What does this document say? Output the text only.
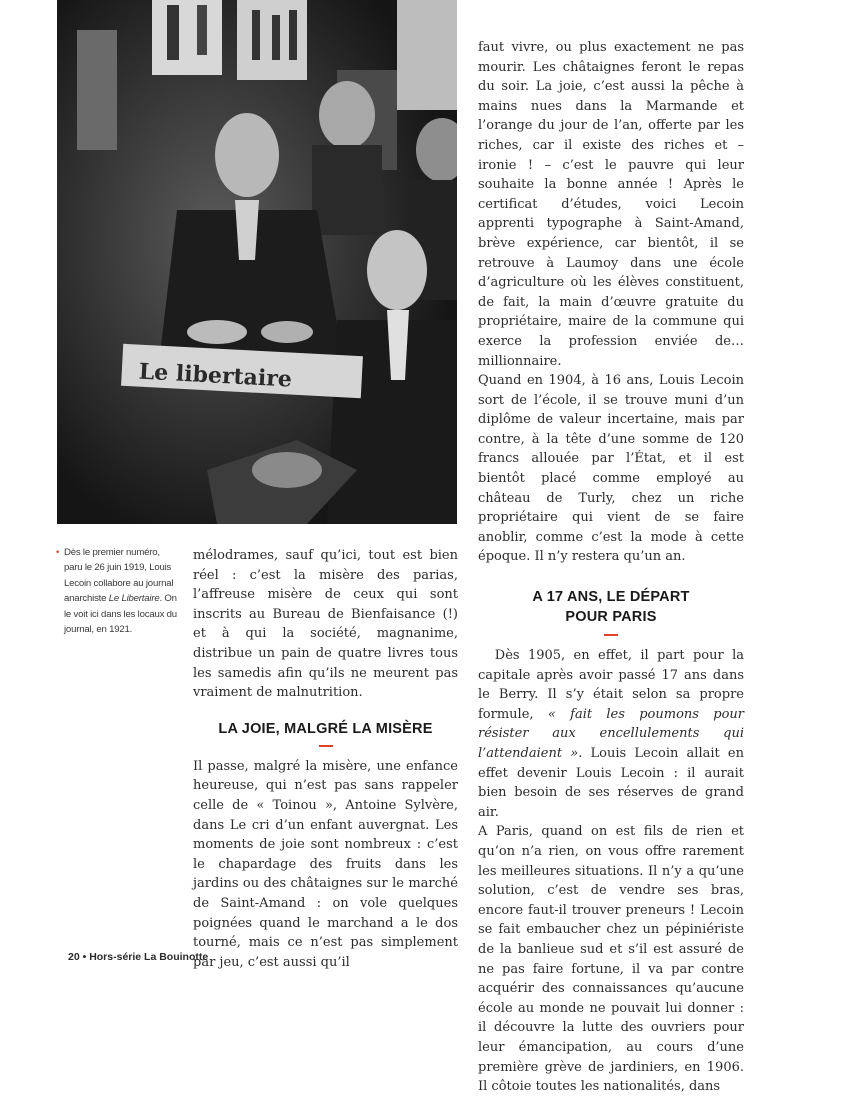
Le libertaire
• Dès le premier numéro, paru le 26 juin 1919, Louis Lecoin collabore au journal anarchiste Le Libertaire. On le voit ici dans les locaux du journal, en 1921.

mélodrames, sauf qu’ici, tout est bien réel : c’est la misère des parias, l’affreuse misère de ceux qui sont inscrits au Bureau de Bienfaisance (!) et à qui la société, magnanime, distribue un pain de quatre livres tous les samedis afin qu’ils ne meurent pas vraiment de malnutrition.

LA JOIE, MALGRÉ LA MISÈRE

Il passe, malgré la misère, une enfance heureuse, qui n’est pas sans rappeler celle de « Toinou », Antoine Sylvère, dans Le cri d’un enfant auvergnat. Les moments de joie sont nombreux : c’est le chapardage des fruits dans les jardins ou des châtaignes sur le marché de Saint-Amand : on vole quelques poignées quand le marchand a le dos tourné, mais ce n’est pas simplement par jeu, c’est aussi qu’il

faut vivre, ou plus exactement ne pas mourir. Les châtaignes feront le repas du soir. La joie, c’est aussi la pêche à mains nues dans la Marmande et l’orange du jour de l’an, offerte par les riches, car il existe des riches et – ironie ! – c’est le pauvre qui leur souhaite la bonne année ! Après le certificat d’études, voici Lecoin apprenti typographe à Saint-Amand, brève expérience, car bientôt, il se retrouve à Laumoy dans une école d’agriculture où les élèves constituent, de fait, la main d’œuvre gratuite du propriétaire, maire de la commune qui exerce la profession enviée de… millionnaire.

Quand en 1904, à 16 ans, Louis Lecoin sort de l’école, il se trouve muni d’un diplôme de valeur incertaine, mais par contre, à la tête d’une somme de 120 francs allouée par l’État, et il est bientôt placé comme employé au château de Turly, chez un riche propriétaire qui vient de se faire anoblir, comme c’est la mode à cette époque. Il n’y restera qu’un an.

A 17 ANS, LE DÉPART
POUR PARIS

Dès 1905, en effet, il part pour la capitale après avoir passé 17 ans dans le Berry. Il s’y était selon sa propre formule, « fait les poumons pour résister aux encellulements qui l’attendaient ». Louis Lecoin allait en effet devenir Louis Lecoin : il aurait bien besoin de ses réserves de grand air.

A Paris, quand on est fils de rien et qu’on n’a rien, on vous offre rarement les meilleures situations. Il n’y a qu’une solution, c’est de vendre ses bras, encore faut-il trouver preneurs ! Lecoin se fait embaucher chez un pépiniériste de la banlieue sud et s’il est assuré de ne pas faire fortune, il va par contre acquérir des connaissances qu’aucune école au monde ne pouvait lui donner : il découvre la lutte des ouvriers pour leur émancipation, au cours d’une première grève de jardiniers, en 1906. Il côtoie toutes les nationalités, dans

20 • Hors-série La Bouinotte
